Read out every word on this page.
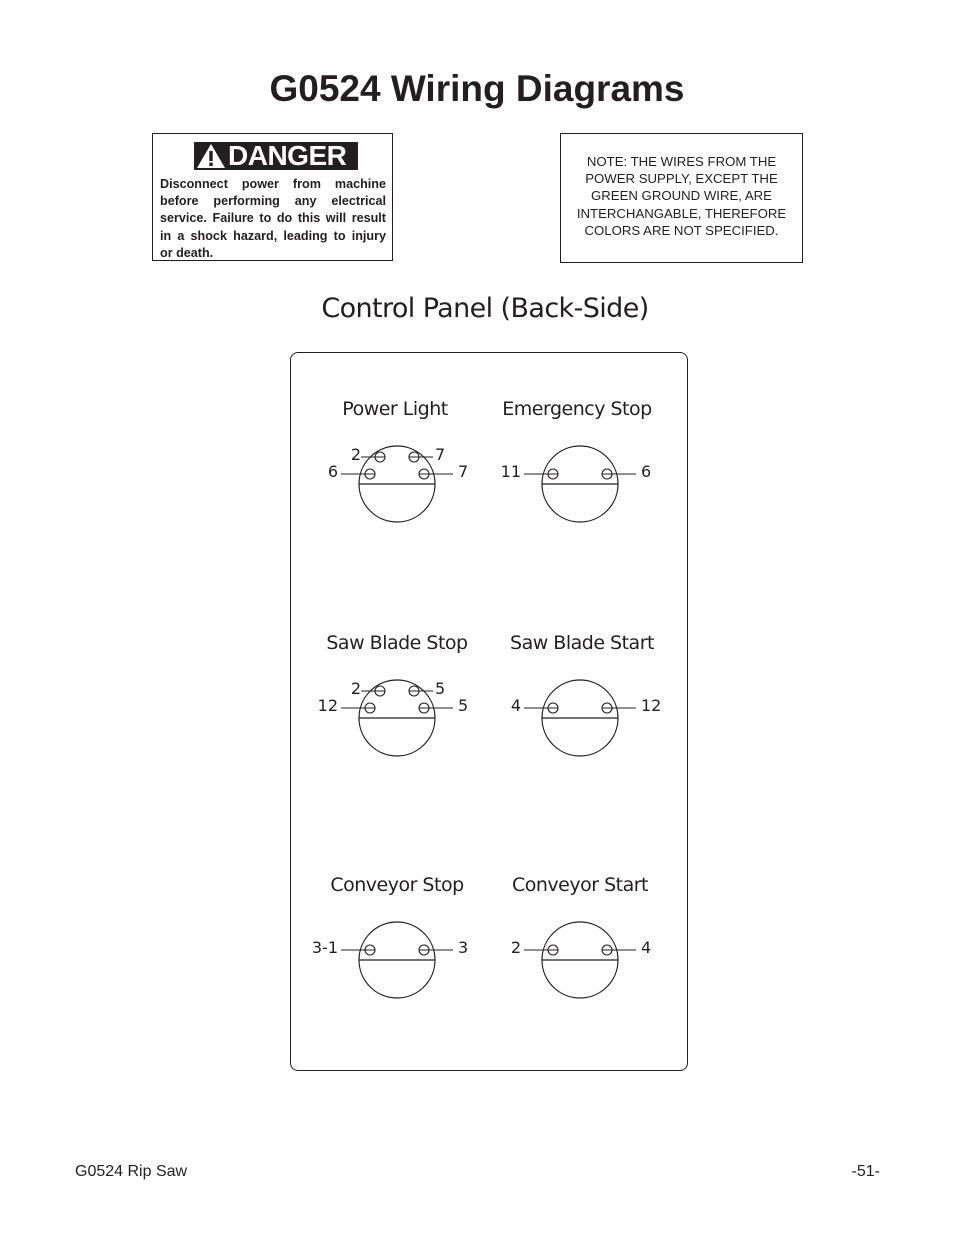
G0524 Wiring Diagrams
DANGER
Disconnect power from machine before performing any electrical service. Failure to do this will result in a shock hazard, leading to injury or death.
NOTE: THE WIRES FROM THE POWER SUPPLY, EXCEPT THE GREEN GROUND WIRE, ARE INTERCHANGABLE, THEREFORE COLORS ARE NOT SPECIFIED.
Control Panel (Back-Side)
Power Light
2	7
6	7
Emergency Stop
11	6
Saw Blade Stop
2	5
12	5
Saw Blade Start
4	12
Conveyor Stop
3-1	3
Conveyor Start
2	4
G0524 Rip Saw	-51-
